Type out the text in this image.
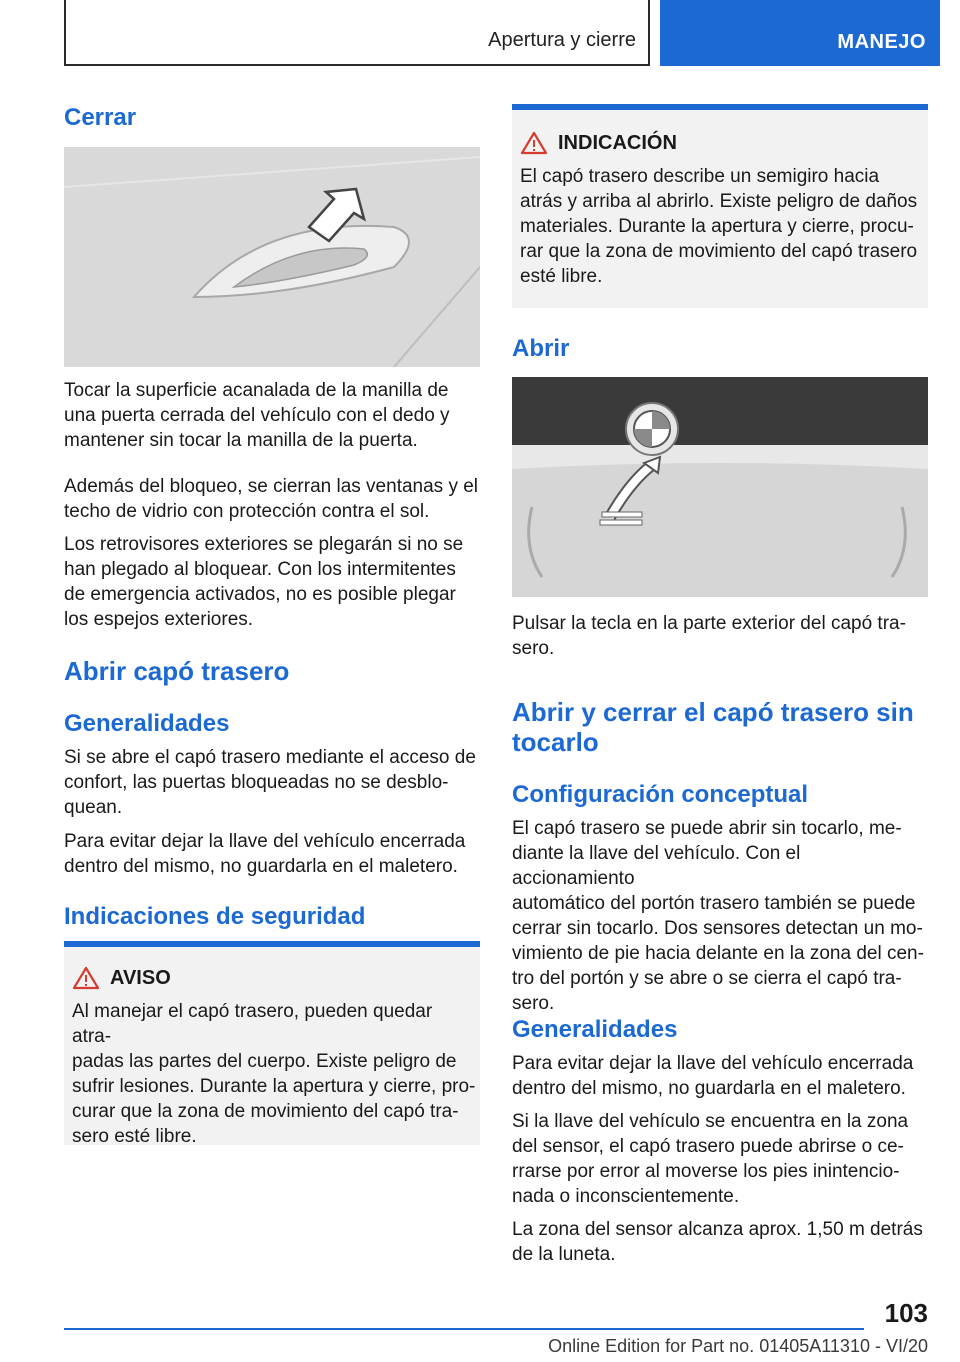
Apertura y cierre	MANEJO
Cerrar
Tocar la superficie acanalada de la manilla de
una puerta cerrada del vehículo con el dedo y
mantener sin tocar la manilla de la puerta.
Además del bloqueo, se cierran las ventanas y el
techo de vidrio con protección contra el sol.
Los retrovisores exteriores se plegarán si no se
han plegado al bloquear. Con los intermitentes
de emergencia activados, no es posible plegar
los espejos exteriores.
Abrir capó trasero
Generalidades
Si se abre el capó trasero mediante el acceso de
confort, las puertas bloqueadas no se desblo-
quean.
Para evitar dejar la llave del vehículo encerrada
dentro del mismo, no guardarla en el maletero.
Indicaciones de seguridad
AVISO
Al manejar el capó trasero, pueden quedar atra-
padas las partes del cuerpo. Existe peligro de
sufrir lesiones. Durante la apertura y cierre, pro-
curar que la zona de movimiento del capó tra-
sero esté libre.
INDICACIÓN
El capó trasero describe un semigiro hacia
atrás y arriba al abrirlo. Existe peligro de daños
materiales. Durante la apertura y cierre, procu-
rar que la zona de movimiento del capó trasero
esté libre.
Abrir
Pulsar la tecla en la parte exterior del capó tra-
sero.
Abrir y cerrar el capó trasero sin
tocarlo
Configuración conceptual
El capó trasero se puede abrir sin tocarlo, me-
diante la llave del vehículo. Con el accionamiento
automático del portón trasero también se puede
cerrar sin tocarlo. Dos sensores detectan un mo-
vimiento de pie hacia delante en la zona del cen-
tro del portón y se abre o se cierra el capó tra-
sero.
Generalidades
Para evitar dejar la llave del vehículo encerrada
dentro del mismo, no guardarla en el maletero.
Si la llave del vehículo se encuentra en la zona
del sensor, el capó trasero puede abrirse o ce-
rrarse por error al moverse los pies inintencio-
nada o inconscientemente.
La zona del sensor alcanza aprox. 1,50 m detrás
de la luneta.
103
Online Edition for Part no. 01405A11310 - VI/20
